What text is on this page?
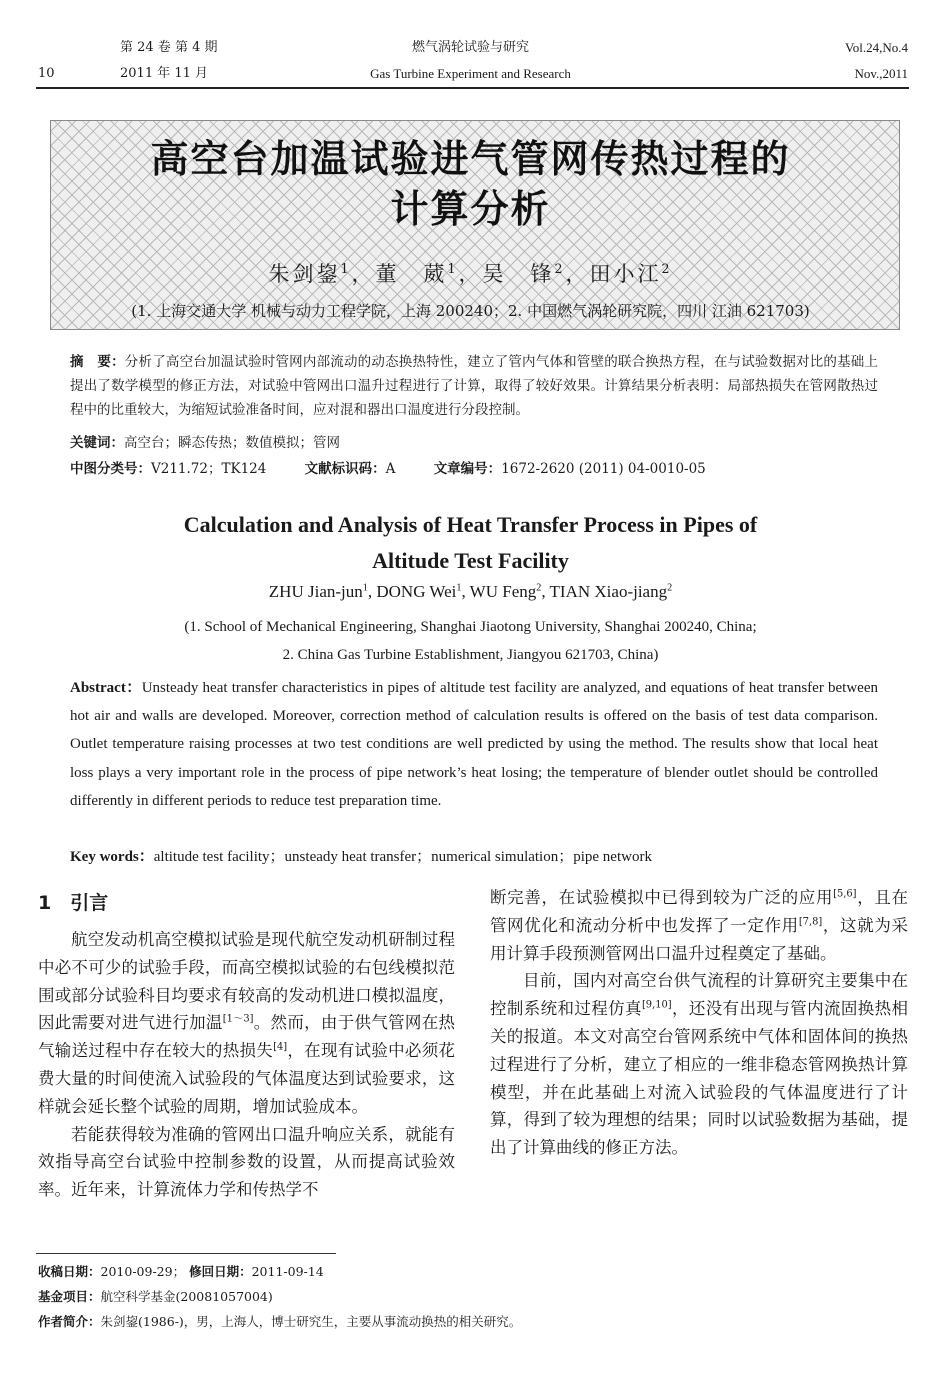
第 24 卷 第 4 期
2011 年 11 月
10
燃气涡轮试验与研究
Gas Turbine Experiment and Research
Vol.24,No.4
Nov.,2011
高空台加温试验进气管网传热过程的
计算分析
朱剑鋆$^1$，董　葳$^1$，吴　锋$^2$，田小江$^2$
(1. 上海交通大学 机械与动力工程学院，上海 200240；2. 中国燃气涡轮研究院，四川 江油 621703)
摘　要：分析了高空台加温试验时管网内部流动的动态换热特性，建立了管内气体和管壁的联合换热方程，在与试验数据对比的基础上提出了数学模型的修正方法，对试验中管网出口温升过程进行了计算，取得了较好效果。计算结果分析表明：局部热损失在管网散热过程中的比重较大，为缩短试验准备时间，应对混和器出口温度进行分段控制。
关键词：高空台；瞬态传热；数值模拟；管网
中图分类号：V211.72；TK124	文献标识码：A	文章编号：1672-2620 (2011) 04-0010-05
Calculation and Analysis of Heat Transfer Process in Pipes of
Altitude Test Facility
ZHU Jian-jun$^1$, DONG Wei$^1$, WU Feng$^2$, TIAN Xiao-jiang$^2$
(1. School of Mechanical Engineering, Shanghai Jiaotong University, Shanghai 200240, China;
2. China Gas Turbine Establishment, Jiangyou 621703, China)
Abstract：Unsteady heat transfer characteristics in pipes of altitude test facility are analyzed, and equations of heat transfer between hot air and walls are developed. Moreover, correction method of calculation results is offered on the basis of test data comparison. Outlet temperature raising processes at two test conditions are well predicted by using the method. The results show that local heat loss plays a very important role in the process of pipe network’s heat losing; the temperature of blender outlet should be controlled differently in different periods to reduce test preparation time.
Key words：altitude test facility；unsteady heat transfer；numerical simulation；pipe network
1　引言

航空发动机高空模拟试验是现代航空发动机研制过程中必不可少的试验手段，而高空模拟试验的右包线模拟范围或部分试验科目均要求有较高的发动机进口模拟温度，因此需要对进气进行加温[1～3]。然而，由于供气管网在热气输送过程中存在较大的热损失[4]，在现有试验中必须花费大量的时间使流入试验段的气体温度达到试验要求，这样就会延长整个试验的周期，增加试验成本。

若能获得较为准确的管网出口温升响应关系，就能有效指导高空台试验中控制参数的设置，从而提高试验效率。近年来，计算流体力学和传热学不

断完善，在试验模拟中已得到较为广泛的应用[5,6]，且在管网优化和流动分析中也发挥了一定作用[7,8]，这就为采用计算手段预测管网出口温升过程奠定了基础。

目前，国内对高空台供气流程的计算研究主要集中在控制系统和过程仿真[9,10]，还没有出现与管内流固换热相关的报道。本文对高空台管网系统中气体和固体间的换热过程进行了分析，建立了相应的一维非稳态管网换热计算模型，并在此基础上对流入试验段的气体温度进行了计算，得到了较为理想的结果；同时以试验数据为基础，提出了计算曲线的修正方法。

收稿日期：2010-09-29； 修回日期：2011-09-14
基金项目：航空科学基金(20081057004)
作者简介：朱剑鋆(1986-)，男，上海人，博士研究生，主要从事流动换热的相关研究。
